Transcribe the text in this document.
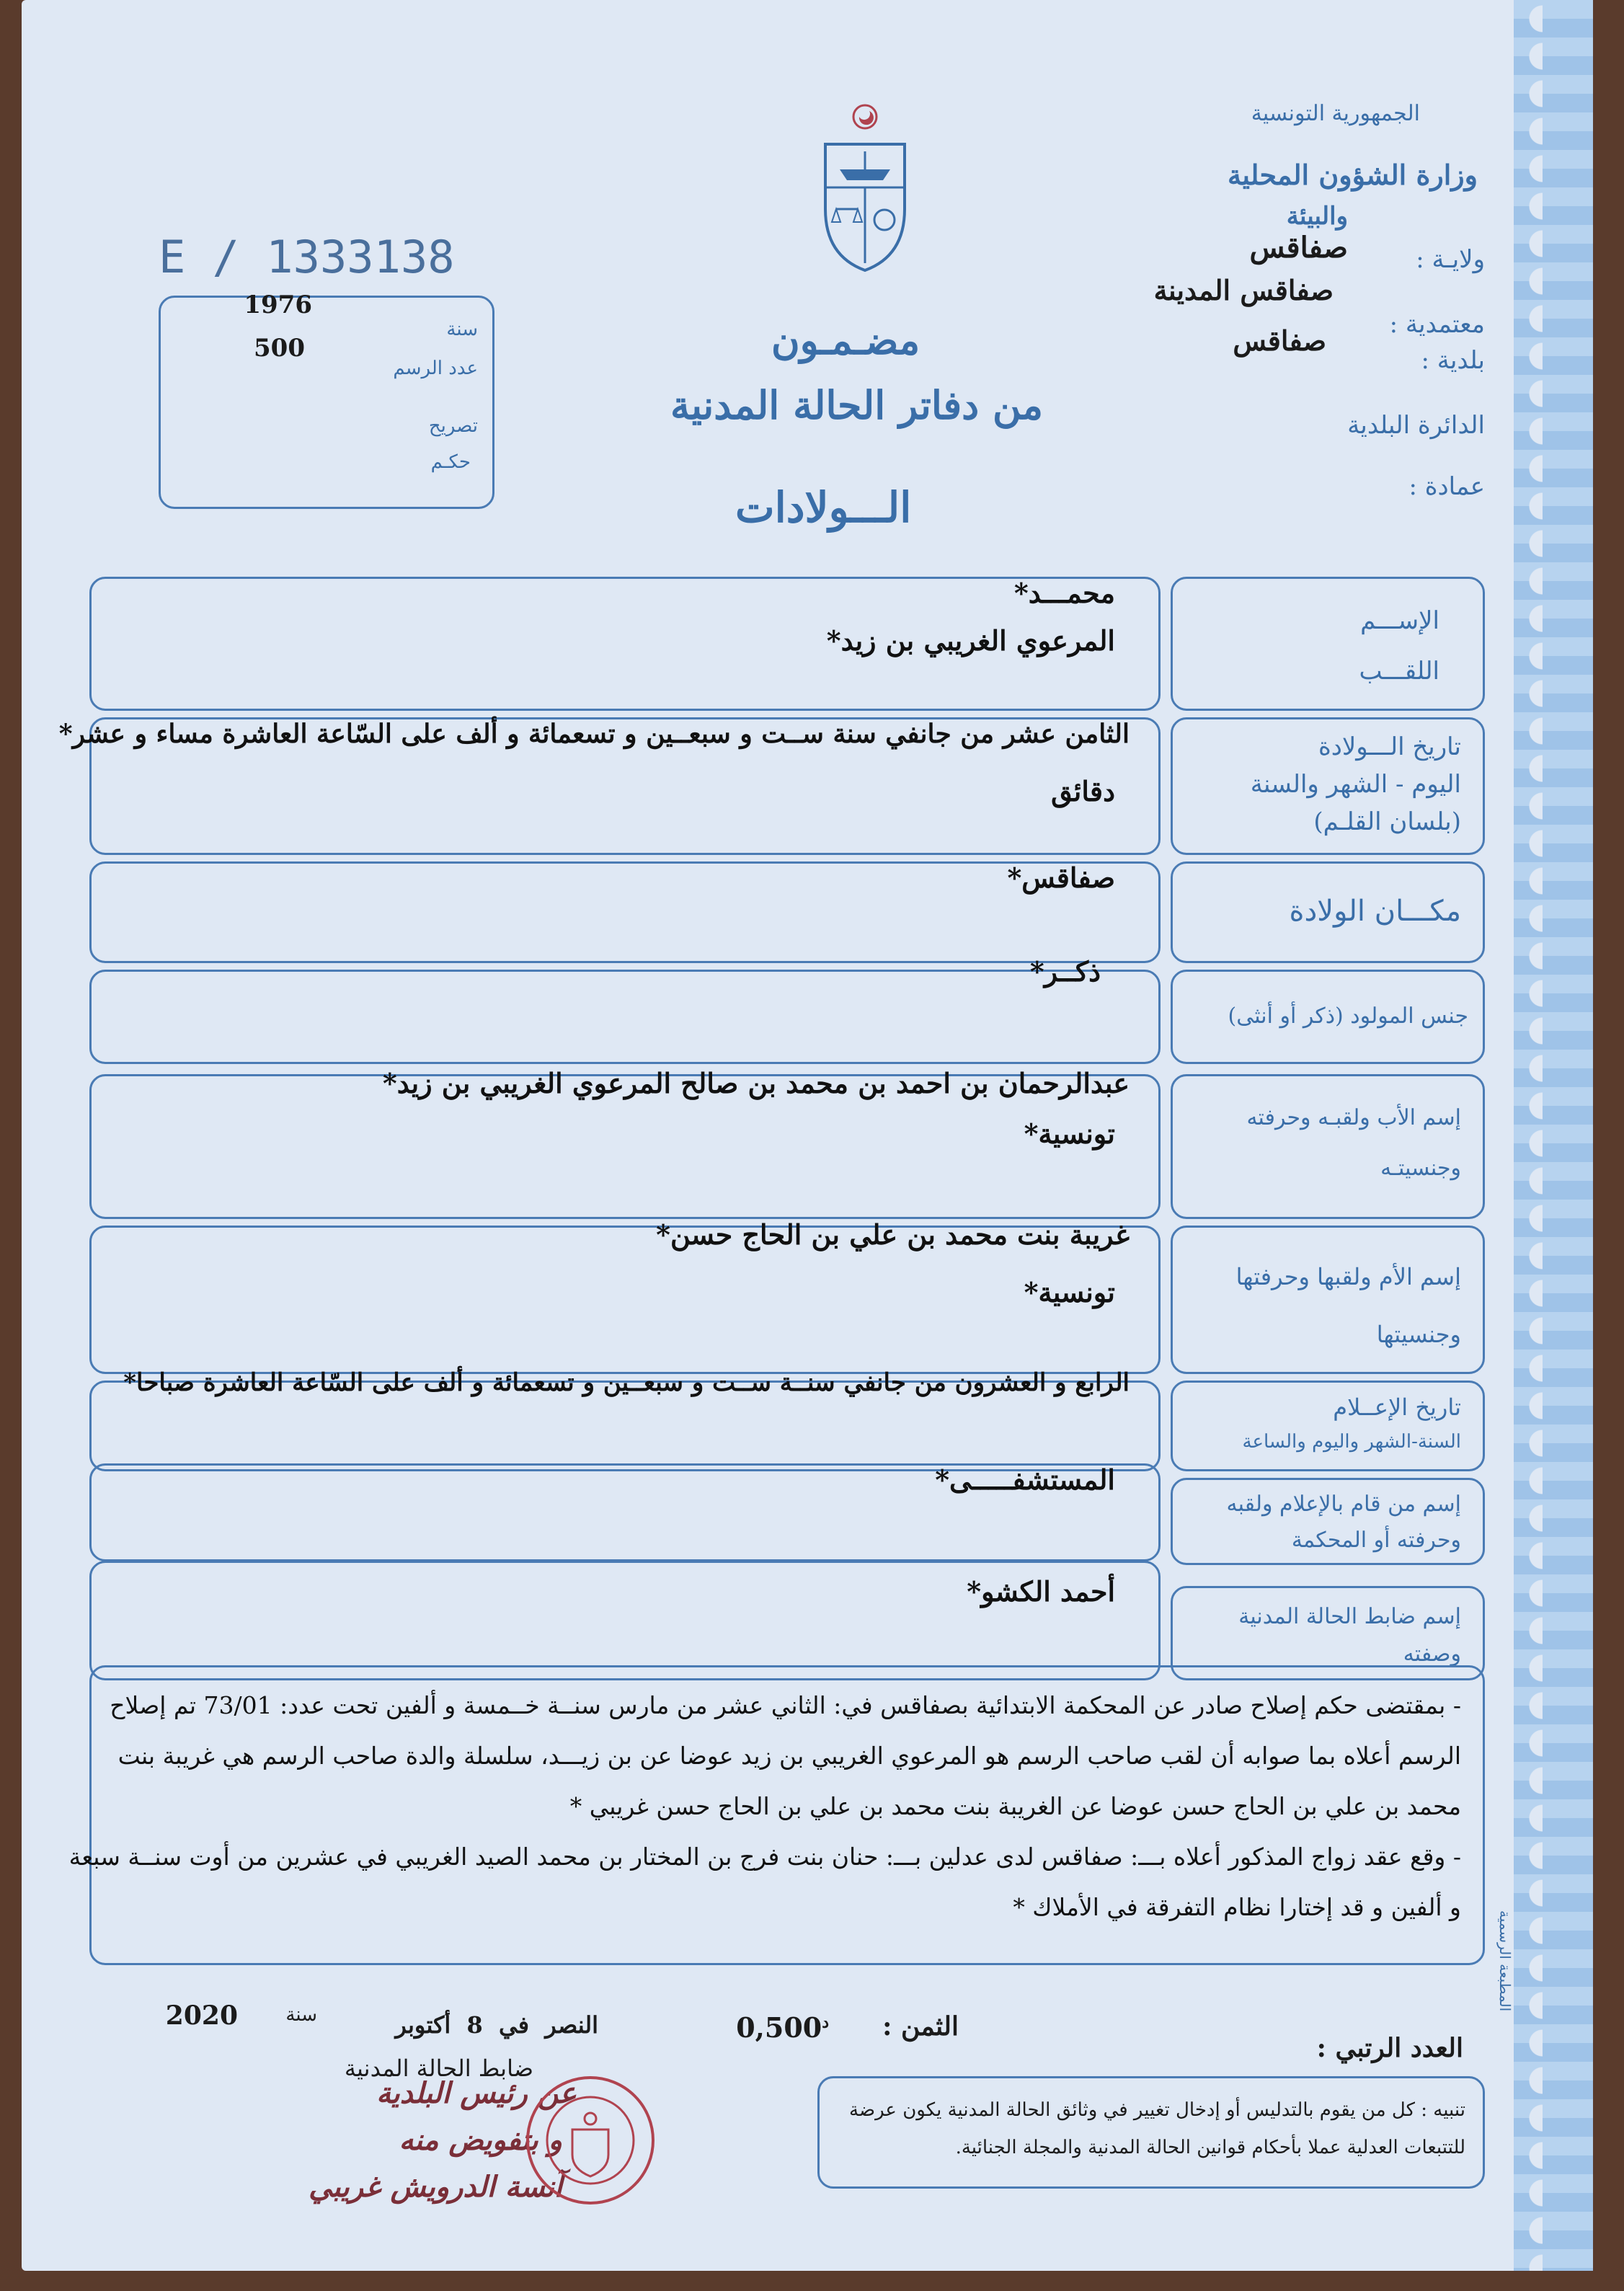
الجمهورية التونسية
وزارة الشؤون المحلية
والبيئة
ولايـة :
صفاقس
معتمدية :
صفاقس المدينة
بلدية :
صفاقس
الدائرة البلدية
عمادة :
E / 1333138
سنة
1976
عدد الرسم
500
تصريح
حكـم
مضـمـون
من دفاتر الحالة المدنية
الـــولادات
الإســـم
اللقـــب
محمـــد*
المرعوي الغريبي بن زيد*
تاريخ الـــولادة
اليوم - الشهر والسنة
(بلسان القلـم)
الثامن عشر من جانفي سنة ســت و سبعــين و تسعمائة و ألف على السّاعة العاشرة مساء و عشر*
دقائق
مكـــان الولادة
صفاقس*
جنس المولود (ذكر أو أنثى)
ذكــر*
إسم الأب ولقبـه وحرفته
وجنسيتـه
عبدالرحمان بن احمد بن محمد بن صالح المرعوي الغريبي بن زيد*
تونسية*
إسم الأم ولقبها وحرفتها
وجنسيتها
غريبة بنت محمد بن علي بن الحاج حسن*
تونسية*
تاريخ الإعــلام
السنة-الشهر واليوم والساعة
الرابع و العشرون من جانفي سنــة ســت و سبعــين و تسعمائة و ألف على السّاعة العاشرة صباحا*
إسم من قام بالإعلام ولقبه
وحرفته أو المحكمة
المستشفـــــى*
إسم ضابط الحالة المدنية
وصفته
أحمد الكشو*
- بمقتضى حكم إصلاح صادر عن المحكمة الابتدائية بصفاقس في: الثاني عشر من مارس سنــة خــمسة و ألفين تحت عدد: 73/01 تم إصلاح
الرسم أعلاه بما صوابه أن لقب صاحب الرسم هو المرعوي الغريبي بن زيد عوضا عن بن زيـــد، سلسلة والدة صاحب الرسم هي غريبة بنت
محمد بن علي بن الحاج حسن عوضا عن الغريبة بنت محمد بن علي بن الحاج حسن غريبي *
- وقع عقد زواج المذكور أعلاه بـــ: صفاقس لدى عدلين بـــ: حنان بنت فرج بن المختار بن محمد الصيد الغريبي في عشرين من أوت سنــة سبعة
و ألفين و قد إختارا نظام التفرقة في الأملاك *
المطبعة الرسمية
العدد الرتبي :
الثمن :
$0,500^د$
النصر  في  8  أكتوبر
سنة
2020
ضابط الحالة المدنية
عن رئيس البلدية
و بتفويض منه
آنسة الدرويش غريبي
تنبيه : كل من يقوم بالتدليس أو إدخال تغيير في وثائق الحالة المدنية يكون عرضة
للتتبعات العدلية عملا بأحكام قوانين الحالة المدنية والمجلة الجنائية.
